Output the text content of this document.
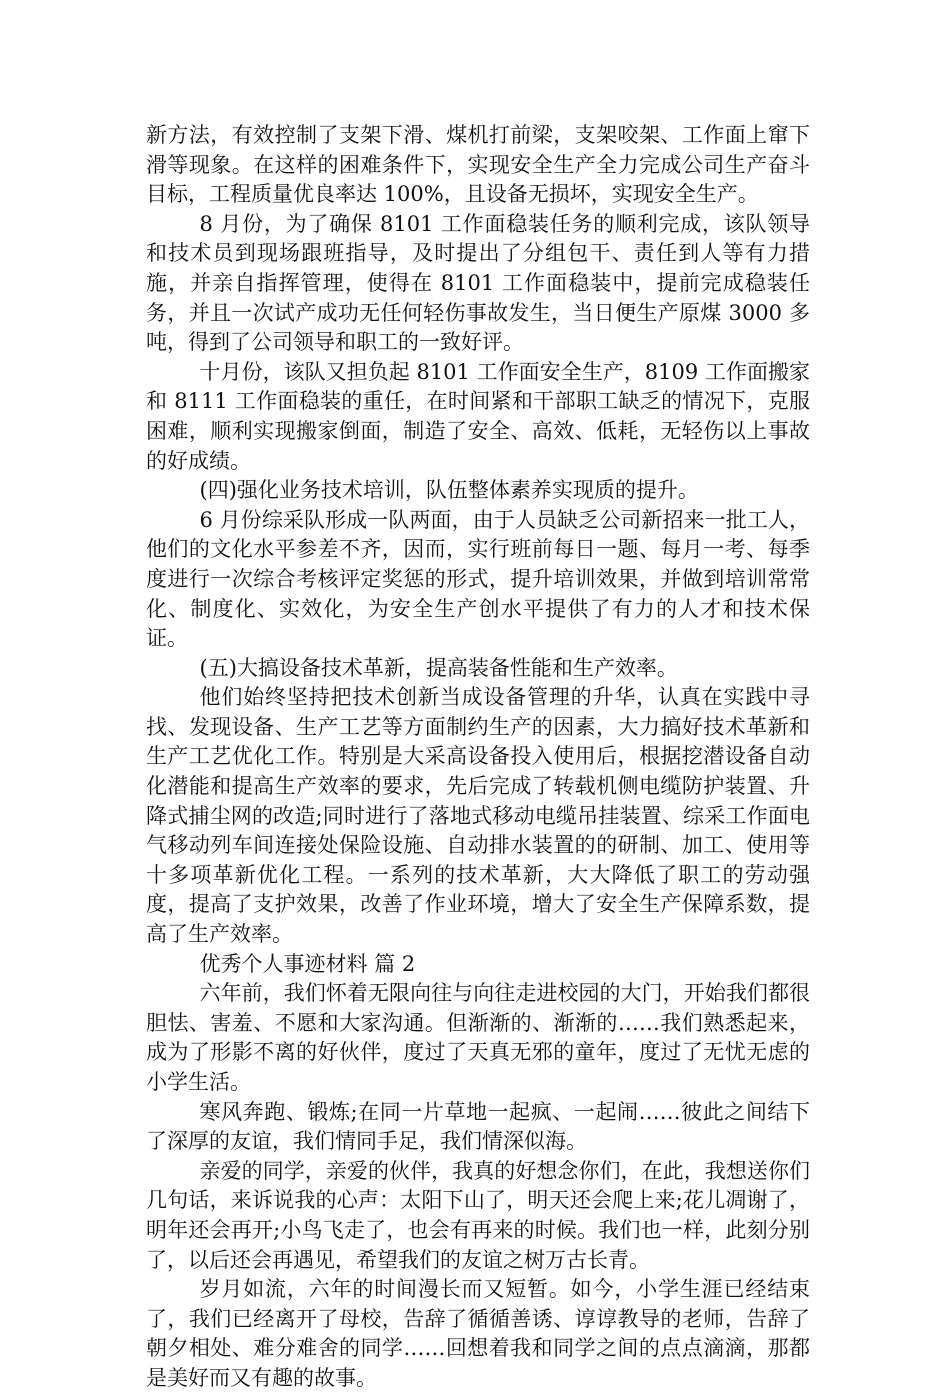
新方法，有效控制了支架下滑、煤机打前梁，支架咬架、工作面上窜下滑等现象。在这样的困难条件下，实现安全生产全力完成公司生产奋斗目标，工程质量优良率达 100%，且设备无损坏，实现安全生产。

8 月份，为了确保 8101 工作面稳装任务的顺利完成，该队领导和技术员到现场跟班指导，及时提出了分组包干、责任到人等有力措施，并亲自指挥管理，使得在 8101 工作面稳装中，提前完成稳装任务，并且一次试产成功无任何轻伤事故发生，当日便生产原煤 3000 多吨，得到了公司领导和职工的一致好评。

十月份，该队又担负起 8101 工作面安全生产，8109 工作面搬家和 8111 工作面稳装的重任，在时间紧和干部职工缺乏的情况下，克服困难，顺利实现搬家倒面，制造了安全、高效、低耗，无轻伤以上事故的好成绩。

(四)强化业务技术培训，队伍整体素养实现质的提升。

6 月份综采队形成一队两面，由于人员缺乏公司新招来一批工人，他们的文化水平参差不齐，因而，实行班前每日一题、每月一考、每季度进行一次综合考核评定奖惩的形式，提升培训效果，并做到培训常常化、制度化、实效化，为安全生产创水平提供了有力的人才和技术保证。

(五)大搞设备技术革新，提高装备性能和生产效率。

他们始终坚持把技术创新当成设备管理的升华，认真在实践中寻找、发现设备、生产工艺等方面制约生产的因素，大力搞好技术革新和生产工艺优化工作。特别是大采高设备投入使用后，根据挖潜设备自动化潜能和提高生产效率的要求，先后完成了转载机侧电缆防护装置、升降式捕尘网的改造;同时进行了落地式移动电缆吊挂装置、综采工作面电气移动列车间连接处保险设施、自动排水装置的的研制、加工、使用等十多项革新优化工程。一系列的技术革新，大大降低了职工的劳动强度，提高了支护效果，改善了作业环境，增大了安全生产保障系数，提高了生产效率。

优秀个人事迹材料 篇 2

六年前，我们怀着无限向往与向往走进校园的大门，开始我们都很胆怯、害羞、不愿和大家沟通。但渐渐的、渐渐的……我们熟悉起来，成为了形影不离的好伙伴，度过了天真无邪的童年，度过了无忧无虑的小学生活。

寒风奔跑、锻炼;在同一片草地一起疯、一起闹……彼此之间结下了深厚的友谊，我们情同手足，我们情深似海。

亲爱的同学，亲爱的伙伴，我真的好想念你们，在此，我想送你们几句话，来诉说我的心声：太阳下山了，明天还会爬上来;花儿凋谢了，明年还会再开;小鸟飞走了，也会有再来的时候。我们也一样，此刻分别了，以后还会再遇见，希望我们的友谊之树万古长青。

岁月如流，六年的时间漫长而又短暂。如今，小学生涯已经结束了，我们已经离开了母校，告辞了循循善诱、谆谆教导的老师，告辞了朝夕相处、难分难舍的同学……回想着我和同学之间的点点滴滴，那都是美好而又有趣的故事。
